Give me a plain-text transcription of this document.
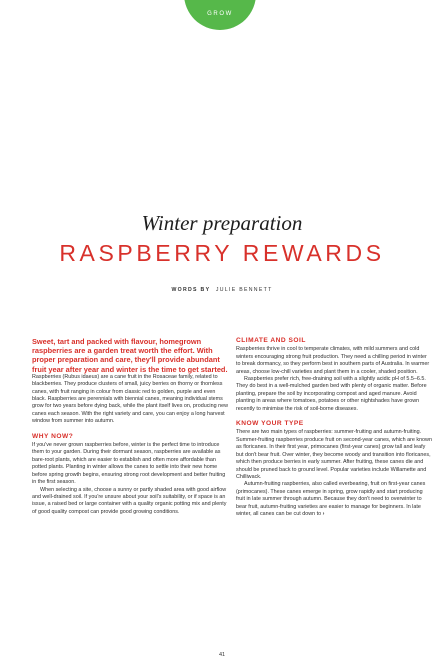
GROW
Winter preparation
RASPBERRY REWARDS
WORDS BY JULIE BENNETT

Sweet, tart and packed with flavour, homegrown raspberries are a garden treat worth the effort. With proper preparation and care, they'll provide abundant fruit year after year and winter is the time to get started.

Raspberries (Rubus idaeus) are a cane fruit in the Rosaceae family, related to blackberries. They produce clusters of small, juicy berries on thorny or thornless canes, with fruit ranging in colour from classic red to golden, purple and even black. Raspberries are perennials with biennial canes, meaning individual stems grow for two years before dying back, while the plant itself lives on, producing new canes each season. With the right variety and care, you can enjoy a long harvest window from summer into autumn.

WHY NOW?

If you've never grown raspberries before, winter is the perfect time to introduce them to your garden. During their dormant season, raspberries are available as bare-root plants, which are easier to establish and often more affordable than potted plants. Planting in winter allows the canes to settle into their new home before spring growth begins, ensuring strong root development and better fruiting in the first season.

When selecting a site, choose a sunny or partly shaded area with good airflow and well-drained soil. If you're unsure about your soil's suitability, or if space is an issue, a raised bed or large container with a quality organic potting mix and plenty of good quality compost can provide good growing conditions.

CLIMATE AND SOIL

Raspberries thrive in cool to temperate climates, with mild summers and cold winters encouraging strong fruit production. They need a chilling period in winter to break dormancy, so they perform best in southern parts of Australia. In warmer areas, choose low-chill varieties and plant them in a cooler, shaded position.

Raspberries prefer rich, free-draining soil with a slightly acidic pH of 5.5–6.5. They do best in a well-mulched garden bed with plenty of organic matter. Before planting, prepare the soil by incorporating compost and aged manure. Avoid planting in areas where tomatoes, potatoes or other nightshades have grown recently to minimise the risk of soil-borne diseases.

KNOW YOUR TYPE

There are two main types of raspberries: summer-fruiting and autumn-fruiting. Summer-fruiting raspberries produce fruit on second-year canes, which are known as floricanes. In their first year, primocanes (first-year canes) grow tall and leafy but don't bear fruit. Over winter, they become woody and transition into floricanes, which then produce berries in early summer. After fruiting, these canes die and should be pruned back to ground level. Popular varieties include Willamette and Chilliwack.

Autumn-fruiting raspberries, also called everbearing, fruit on first-year canes (primocanes). These canes emerge in spring, grow rapidly and start producing fruit in late summer through autumn. Because they don't need to overwinter to bear fruit, autumn-fruiting varieties are easier to manage for beginners. In late winter, all canes can be cut down to ›

41
